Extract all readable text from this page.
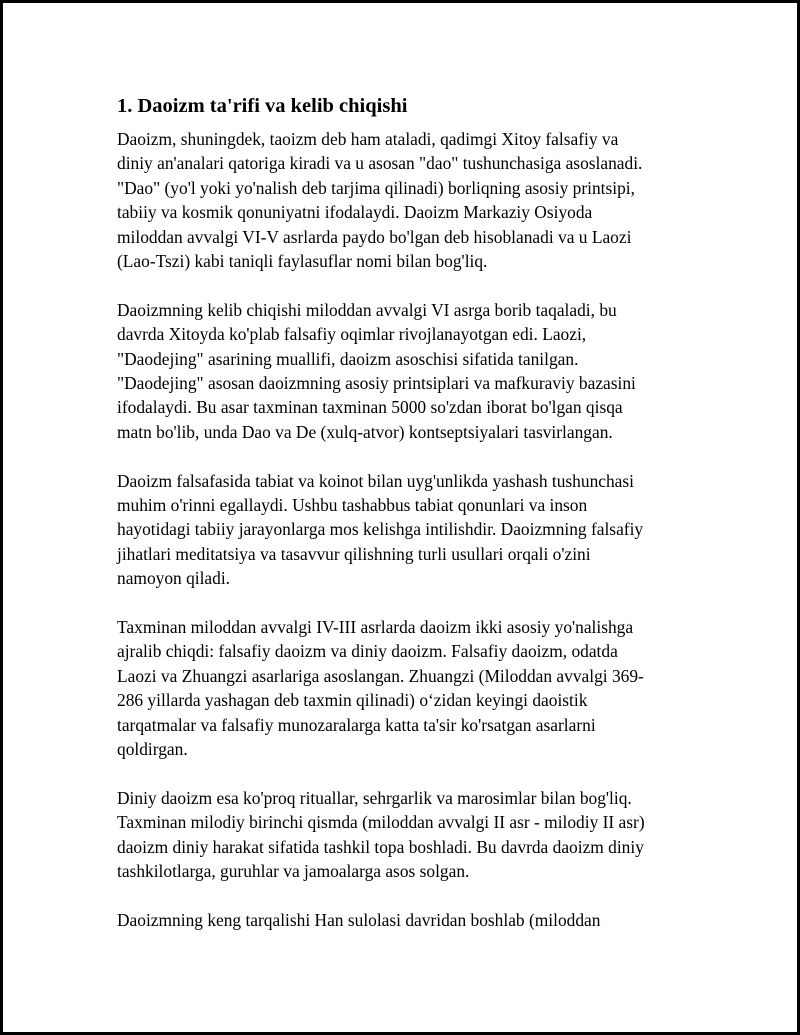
1. Daoizm ta'rifi va kelib chiqishi
Daoizm, shuningdek, taoizm deb ham ataladi, qadimgi Xitoy falsafiy va
diniy an'analari qatoriga kiradi va u asosan "dao" tushunchasiga asoslanadi.
"Dao" (yo'l yoki yo'nalish deb tarjima qilinadi) borliqning asosiy printsipi,
tabiiy va kosmik qonuniyatni ifodalaydi. Daoizm Markaziy Osiyoda
miloddan avvalgi VI-V asrlarda paydo bo'lgan deb hisoblanadi va u Laozi
(Lao-Tszi) kabi taniqli faylasuflar nomi bilan bog'liq.
Daoizmning kelib chiqishi miloddan avvalgi VI asrga borib taqaladi, bu
davrda Xitoyda ko'plab falsafiy oqimlar rivojlanayotgan edi. Laozi,
"Daodejing" asarining muallifi, daoizm asoschisi sifatida tanilgan.
"Daodejing" asosan daoizmning asosiy printsiplari va mafkuraviy bazasini
ifodalaydi. Bu asar taxminan taxminan 5000 so'zdan iborat bo'lgan qisqa
matn bo'lib, unda Dao va De (xulq-atvor) kontseptsiyalari tasvirlangan.
Daoizm falsafasida tabiat va koinot bilan uyg'unlikda yashash tushunchasi
muhim o'rinni egallaydi. Ushbu tashabbus tabiat qonunlari va inson
hayotidagi tabiiy jarayonlarga mos kelishga intilishdir. Daoizmning falsafiy
jihatlari meditatsiya va tasavvur qilishning turli usullari orqali o'zini
namoyon qiladi.
Taxminan miloddan avvalgi IV-III asrlarda daoizm ikki asosiy yo'nalishga
ajralib chiqdi: falsafiy daoizm va diniy daoizm. Falsafiy daoizm, odatda
Laozi va Zhuangzi asarlariga asoslangan. Zhuangzi (Miloddan avvalgi 369-
286 yillarda yashagan deb taxmin qilinadi) oʻzidan keyingi daoistik
tarqatmalar va falsafiy munozaralarga katta ta'sir ko'rsatgan asarlarni
qoldirgan.
Diniy daoizm esa ko'proq rituallar, sehrgarlik va marosimlar bilan bog'liq.
Taxminan milodiy birinchi qismda (miloddan avvalgi II asr - milodiy II asr)
daoizm diniy harakat sifatida tashkil topa boshladi. Bu davrda daoizm diniy
tashkilotlarga, guruhlar va jamoalarga asos solgan.
Daoizmning keng tarqalishi Han sulolasi davridan boshlab (miloddan
